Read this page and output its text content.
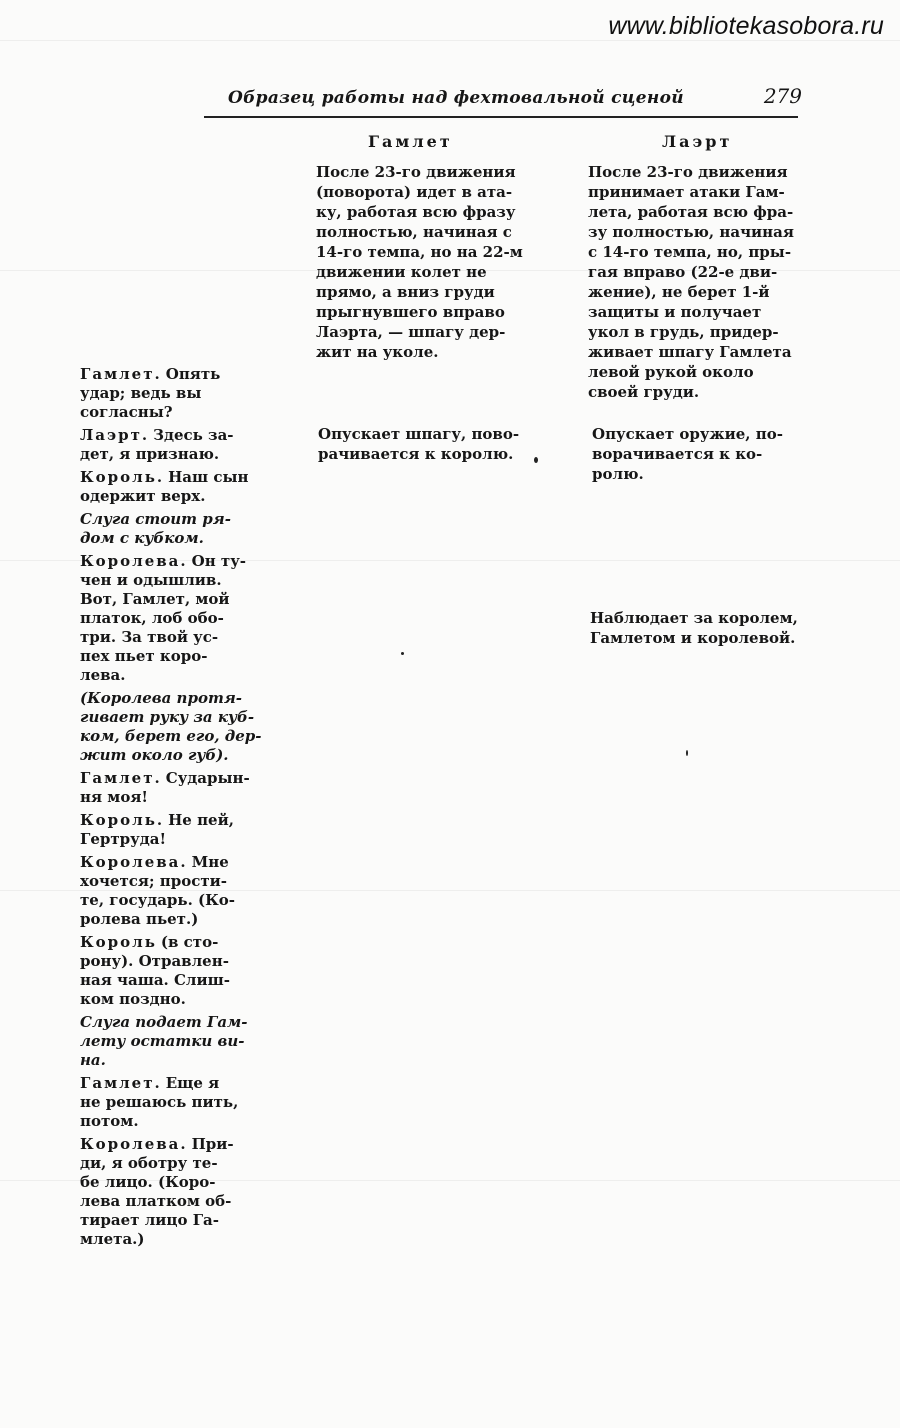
www.bibliotekasobora.ru
Образец работы над фехтовальной сценой	279
Гамлет	Лаэрт
После 23-го движения
(поворота) идет в ата-
ку, работая всю фразу
полностью, начиная с
14-го темпа, но на 22-м
движении колет не
прямо, а вниз груди
прыгнувшего вправо
Лаэрта, — шпагу дер-
жит на уколе.
После 23-го движения
принимает атаки Гам-
лета, работая всю фра-
зу полностью, начиная
с 14-го темпа, но, пры-
гая вправо (22-е дви-
жение), не берет 1-й
защиты и получает
укол в грудь, придер-
живает шпагу Гамлета
левой рукой около
своей груди.
Опускает шпагу, пово-
рачивается к королю.
Опускает оружие, по-
ворачивается к ко-
ролю.
Наблюдает за королем,
Гамлетом и королевой.
Гамлет. Опять
удар; ведь вы
согласны?
Лаэрт. Здесь за-
дет, я признаю.
Король. Наш сын
одержит верх.
Слуга стоит ря-
дом с кубком.
Королева. Он ту-
чен и одышлив.
Вот, Гамлет, мой
платок, лоб обо-
три. За твой ус-
пех пьет коро-
лева.
(Королева протя-
гивает руку за куб-
ком, берет его, дер-
жит около губ).
Гамлет. Сударын-
ня моя!
Король. Не пей,
Гертруда!
Королева. Мне
хочется; прости-
те, государь. (Ко-
ролева пьет.)
Король (в сто-
рону). Отравлен-
ная чаша. Слиш-
ком поздно.
Слуга подает Гам-
лету остатки ви-
на.
Гамлет. Еще я
не решаюсь пить,
потом.
Королева. При-
ди, я оботру те-
бе лицо. (Коро-
лева платком об-
тирает лицо Га-
млета.)
